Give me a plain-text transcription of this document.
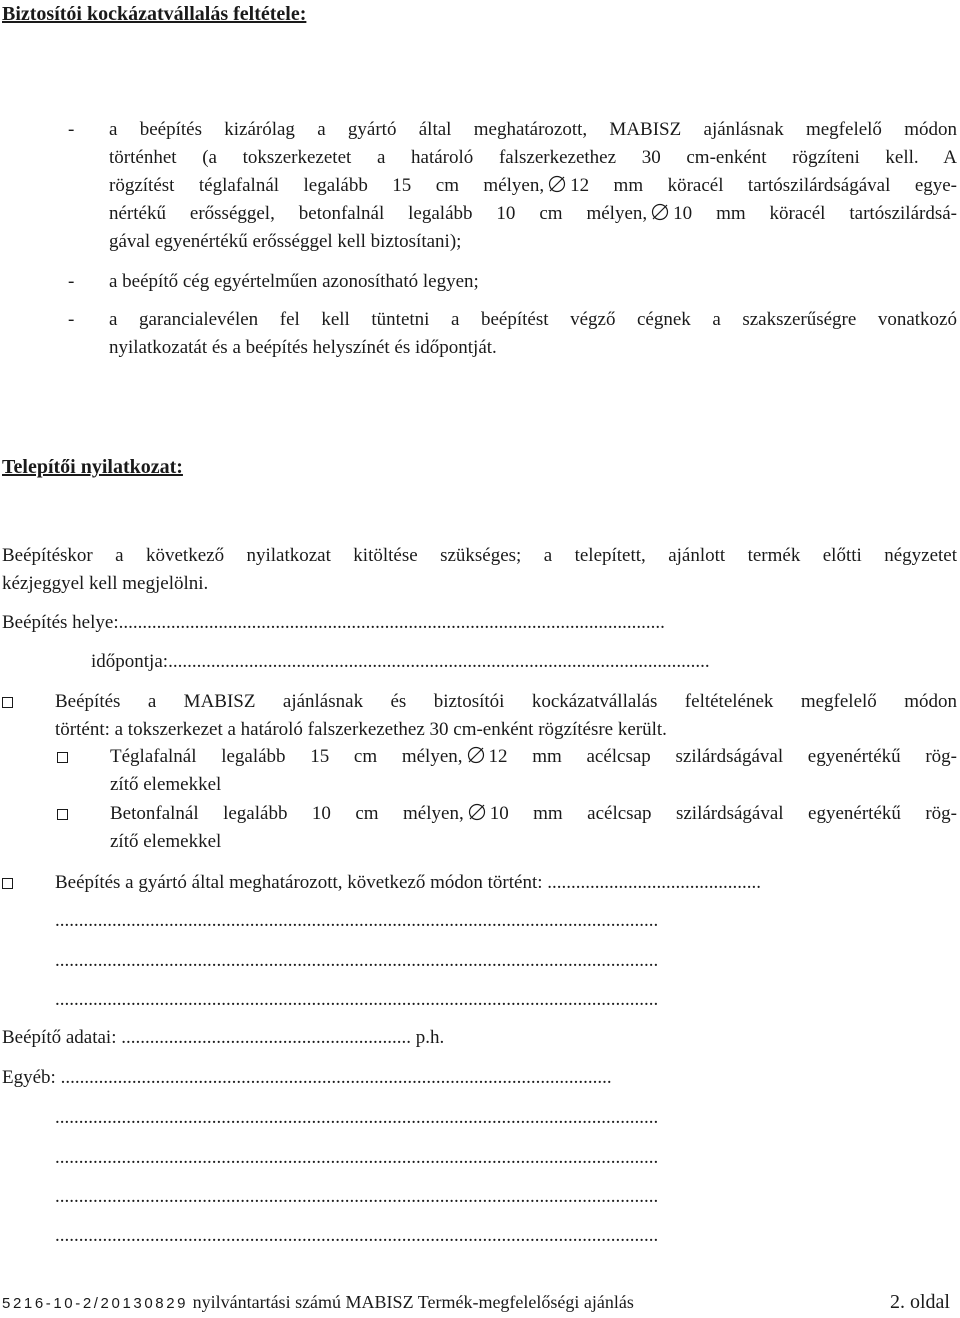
Biztosítói kockázatvállalás feltétele:
- a beépítés kizárólag a gyártó által meghatározott, MABISZ ajánlásnak megfelelő módon
történhet (a tokszerkezetet a határoló falszerkezethez 30 cm-enként rögzíteni kell. A
rögzítést téglafalnál legalább 15 cm mélyen, 12 mm köracél tartószilárdságával egye-
nértékű erősséggel, betonfalnál legalább 10 cm mélyen, 10 mm köracél tartószilárdsá-
gával egyenértékű erősséggel kell biztosítani);
- a beépítő cég egyértelműen azonosítható legyen;
- a garancialevélen fel kell tüntetni a beépítést végző cégnek a szakszerűségre vonatkozó
nyilatkozatát és a beépítés helyszínét és időpontját.
Telepítői nyilatkozat:
Beépítéskor a következő nyilatkozat kitöltése szükséges; a telepített, ajánlott termék előtti négyzetet
kézjeggyel kell megjelölni.
Beépítés helye:...................................................................................................................
időpontja:..................................................................................................................
Beépítés a MABISZ ajánlásnak és biztosítói kockázatvállalás feltételének megfelelő módon
történt: a tokszerkezet a határoló falszerkezethez 30 cm-enként rögzítésre került.
Téglafalnál legalább 15 cm mélyen, 12 mm acélcsap szilárdságával egyenértékű rög-
zítő elemekkel
Betonfalnál legalább 10 cm mélyen, 10 mm acélcsap szilárdságával egyenértékű rög-
zítő elemekkel
Beépítés a gyártó által meghatározott, következő módon történt: .............................................
...............................................................................................................................
...............................................................................................................................
...............................................................................................................................
Beépítő adatai: ............................................................. p.h.
Egyéb: ....................................................................................................................
...............................................................................................................................
...............................................................................................................................
...............................................................................................................................
...............................................................................................................................
5216-10-2/20130829 nyilvántartási számú MABISZ Termék-megfelelőségi ajánlás	2. oldal
